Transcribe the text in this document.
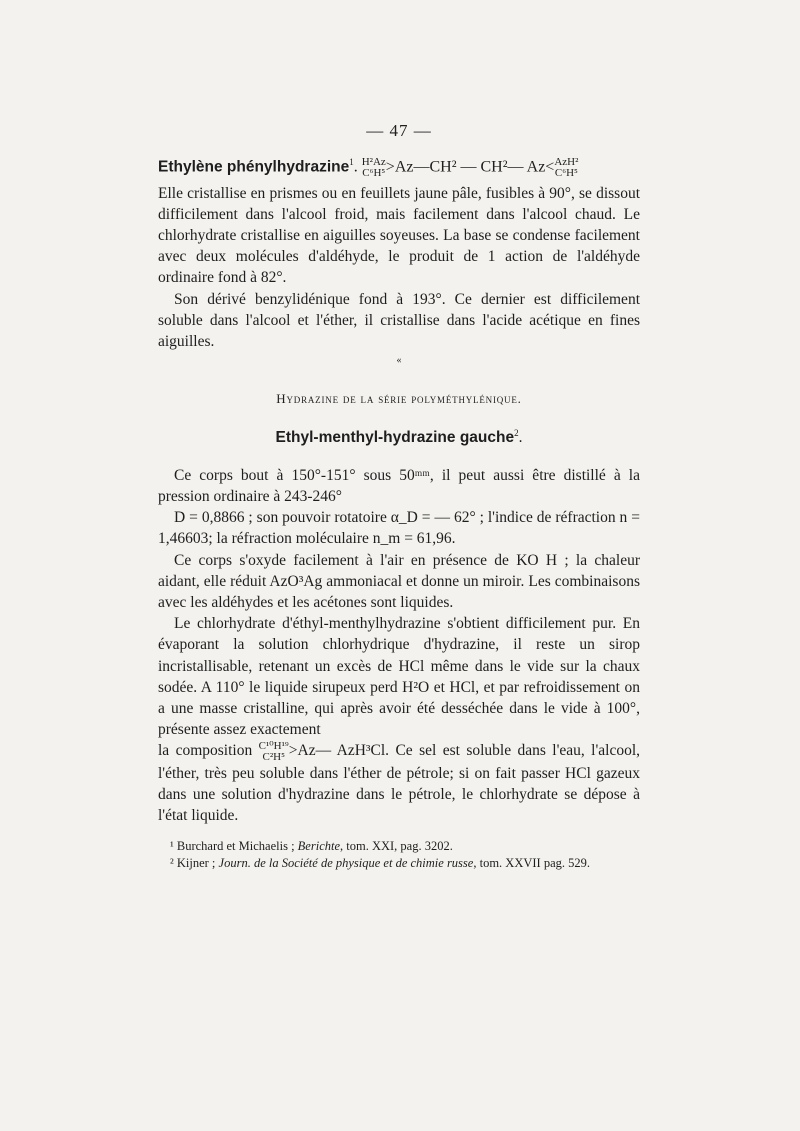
— 47 —
Ethylène phénylhydrazine$^1$. H²Az
C⁶H⁵ >Az—CH² — CH²— Az< AzH²
C⁶H⁵

Elle cristallise en prismes ou en feuillets jaune pâle, fusibles à 90°, se dissout difficilement dans l'alcool froid, mais facilement dans l'alcool chaud. Le chlorhydrate cristallise en aiguilles soyeuses. La base se condense facilement avec deux molécules d'aldéhyde, le produit de 1 action de l'aldéhyde ordinaire fond à 82°.

Son dérivé benzylidénique fond à 193°. Ce dernier est difficilement soluble dans l'alcool et l'éther, il cristallise dans l'acide acétique en fines aiguilles.

«
Hydrazine de la série polyméthylénique.
Ethyl-menthyl-hydrazine gauche$^2$.

Ce corps bout à 150°-151° sous 50ᵐᵐ, il peut aussi être distillé à la pression ordinaire à 243-246°

D = 0,8866 ; son pouvoir rotatoire α_D = — 62° ; l'indice de réfraction n = 1,46603; la réfraction moléculaire n_m = 61,96.

Ce corps s'oxyde facilement à l'air en présence de KO H ; la chaleur aidant, elle réduit AzO³Ag ammoniacal et donne un miroir. Les combinaisons avec les aldéhydes et les acétones sont liquides.

Le chlorhydrate d'éthyl-menthylhydrazine s'obtient difficilement pur. En évaporant la solution chlorhydrique d'hydrazine, il reste un sirop incristallisable, retenant un excès de HCl même dans le vide sur la chaux sodée. A 110° le liquide sirupeux perd H²O et HCl, et par refroidissement on a une masse cristalline, qui après avoir été desséchée dans le vide à 100°, présente assez exactement

la composition C¹⁰H¹⁹
C²H⁵ >Az— AzH³Cl. Ce sel est soluble dans l'eau, l'alcool, l'éther, très peu soluble dans l'éther de pétrole; si on fait passer HCl gazeux dans une solution d'hydrazine dans le pétrole, le chlorhydrate se dépose à l'état liquide.

¹ Burchard et Michaelis ; Berichte, tom. XXI, pag. 3202.

² Kijner ; Journ. de la Société de physique et de chimie russe, tom. XXVII pag. 529.
